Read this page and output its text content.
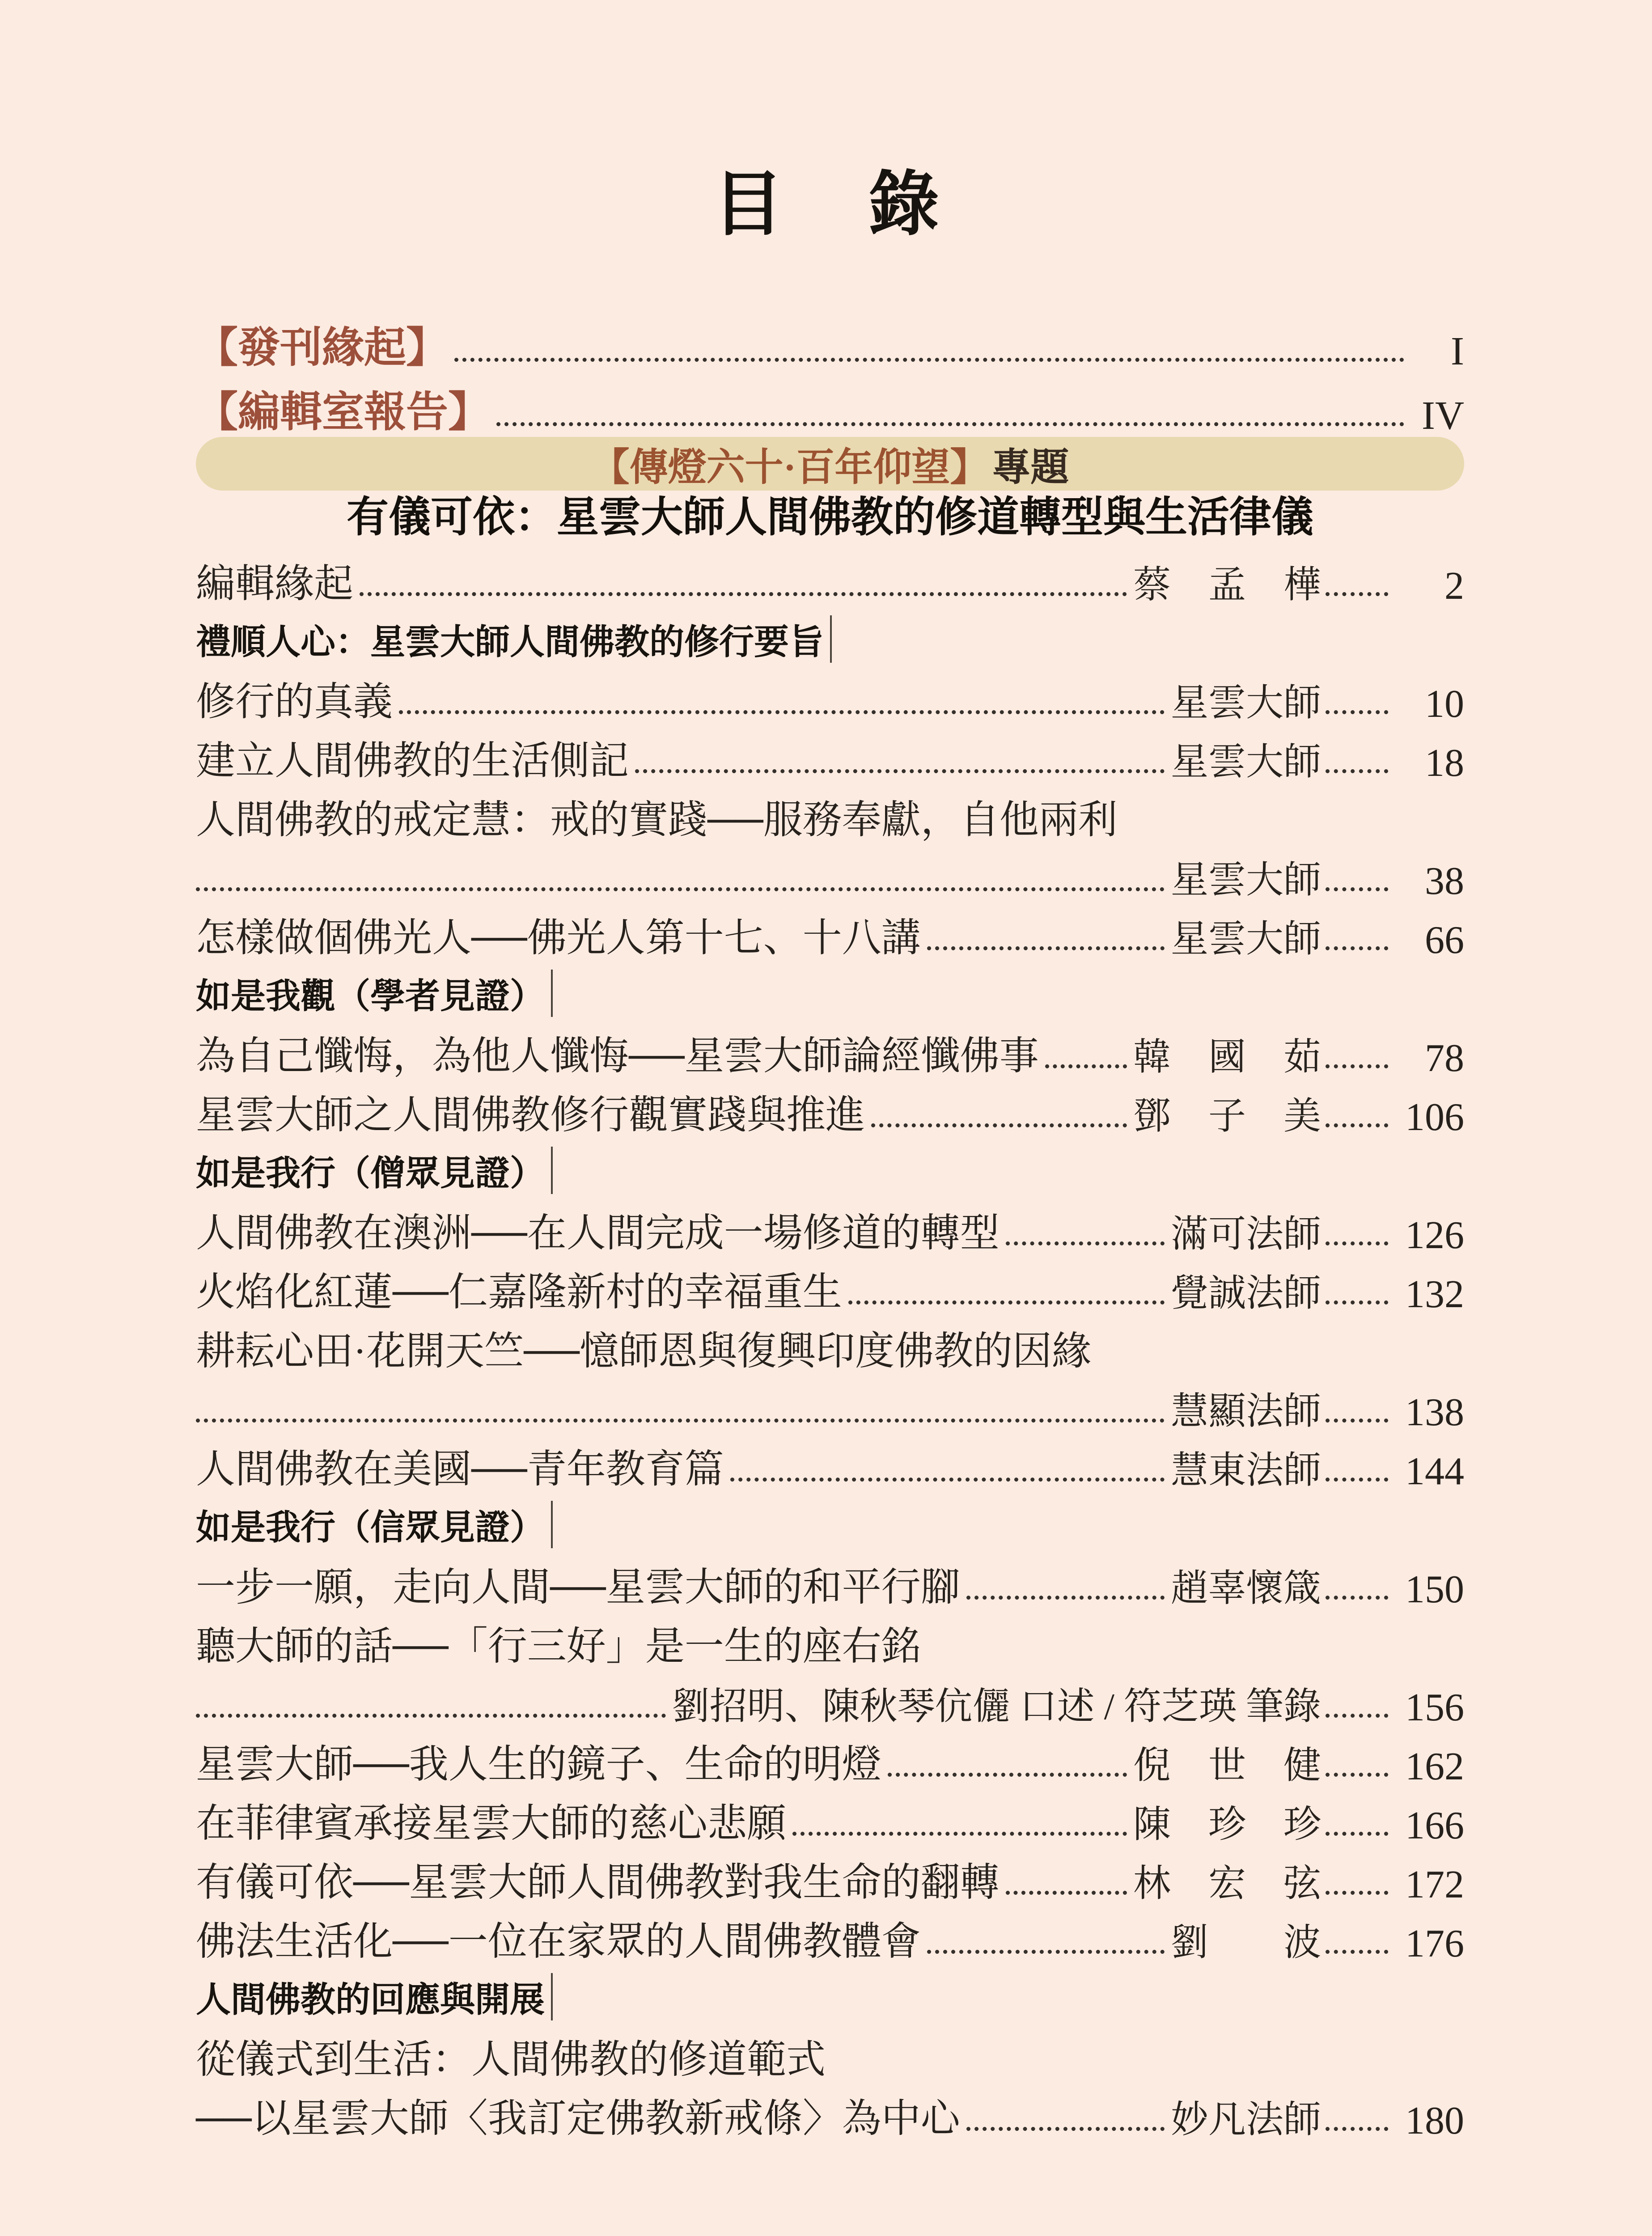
目錄
【發刊緣起】	I
【編輯室報告】	IV
【傳燈六十·百年仰望】 專題
有儀可依：星雲大師人間佛教的修道轉型與生活律儀
編輯緣起	蔡　孟　樺	2
禮順人心：星雲大師人間佛教的修行要旨
修行的真義	星雲大師	10
建立人間佛教的生活側記	星雲大師	18
人間佛教的戒定慧：戒的實踐──服務奉獻，自他兩利
星雲大師	38
怎樣做個佛光人──佛光人第十七、十八講	星雲大師	66
如是我觀（學者見證）
為自己懺悔，為他人懺悔──星雲大師論經懺佛事	韓　國　茹	78
星雲大師之人間佛教修行觀實踐與推進	鄧　子　美	106
如是我行（僧眾見證）
人間佛教在澳洲──在人間完成一場修道的轉型	滿可法師	126
火焰化紅蓮──仁嘉隆新村的幸福重生	覺誠法師	132
耕耘心田·花開天竺──憶師恩與復興印度佛教的因緣
慧顯法師	138
人間佛教在美國──青年教育篇	慧東法師	144
如是我行（信眾見證）
一步一願，走向人間──星雲大師的和平行腳	趙辜懷箴	150
聽大師的話──「行三好」是一生的座右銘
劉招明、陳秋琴伉儷 口述 / 符芝瑛 筆錄	156
星雲大師──我人生的鏡子、生命的明燈	倪　世　健	162
在菲律賓承接星雲大師的慈心悲願	陳　珍　珍	166
有儀可依──星雲大師人間佛教對我生命的翻轉	林　宏　弦	172
佛法生活化──一位在家眾的人間佛教體會	劉　　波	176
人間佛教的回應與開展
從儀式到生活：人間佛教的修道範式
──以星雲大師〈我訂定佛教新戒條〉為中心	妙凡法師	180
